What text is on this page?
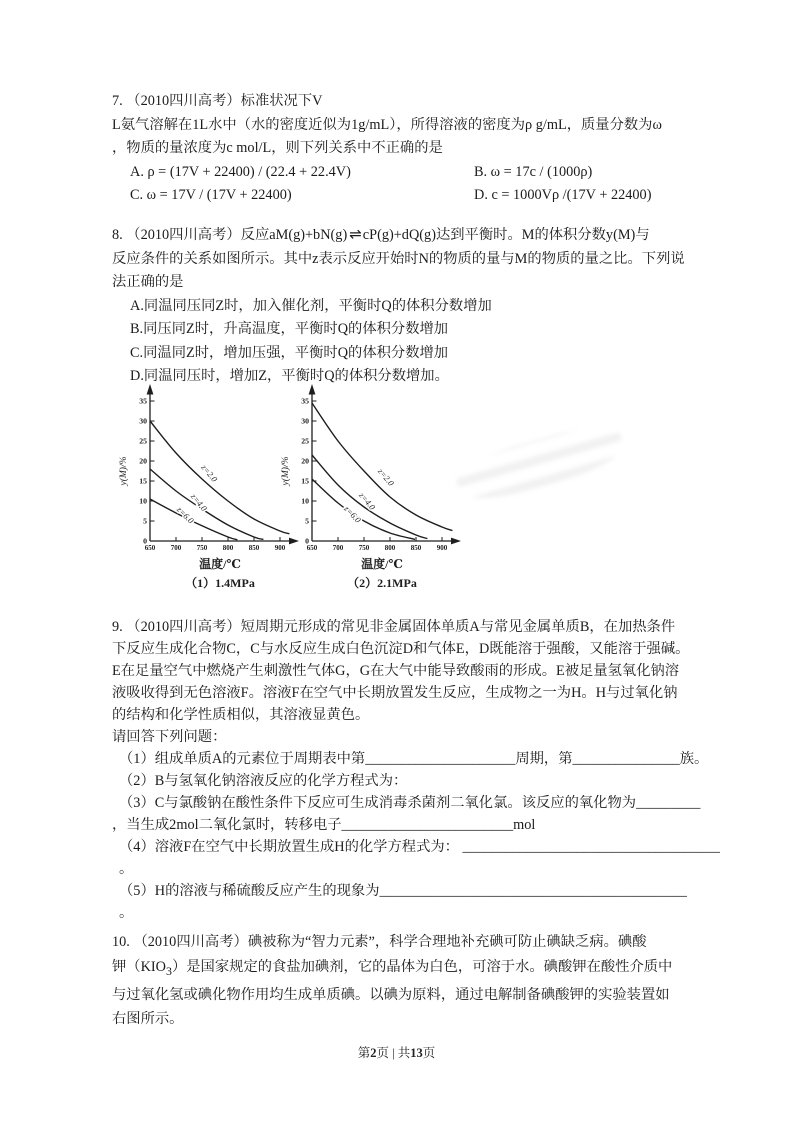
7. （2010四川高考）标准状况下V

L氨气溶解在1L水中（水的密度近似为1g/mL），所得溶液的密度为ρ g/mL，质量分数为ω

，物质的量浓度为c mol/L，则下列关系中不正确的是

A. ρ = (17V + 22400) / (22.4 + 22.4V)	B. ω = 17c / (1000ρ)
C. ω = 17V / (17V + 22400)	D. c = 1000Vρ /(17V + 22400)

8. （2010四川高考）反应aM(g)+bN(g) ⇌ cP(g)+dQ(g)达到平衡时。M的体积分数y(M)与

反应条件的关系如图所示。其中z表示反应开始时N的物质的量与M的物质的量之比。下列说

法正确的是

A.同温同压同Z时，加入催化剂，平衡时Q的体积分数增加

B.同压同Z时，升高温度，平衡时Q的体积分数增加

C.同温同Z时，增加压强，平衡时Q的体积分数增加

D.同温同压时，增加Z，平衡时Q的体积分数增加。

650 700 750 800 850 900
0
5
10
15
20
25
30
35
y(M)/%
温度/℃
（1）1.4MPa
z=2.0
z=4.0
z=6.0
650 700 750 800 850 900
0
5
10
15
20
25
30
35
y(M)/%
温度/℃
（2）2.1MPa
z=2.0
z=4.0
z=6.0

9. （2010四川高考）短周期元形成的常见非金属固体单质A与常见金属单质B，在加热条件

下反应生成化合物C，C与水反应生成白色沉淀D和气体E，D既能溶于强酸，又能溶于强碱。

E在足量空气中燃烧产生刺激性气体G，G在大气中能导致酸雨的形成。E被足量氢氧化钠溶

液吸收得到无色溶液F。溶液F在空气中长期放置发生反应，生成物之一为H。H与过氧化钠

的结构和化学性质相似，其溶液显黄色。

请回答下列问题：

（1）组成单质A的元素位于周期表中第_____________________周期，第_______________族。

（2）B与氢氧化钠溶液反应的化学方程式为：

（3）C与氯酸钠在酸性条件下反应可生成消毒杀菌剂二氧化氯。该反应的氧化物为_________

，当生成2mol二氧化氯时，转移电子________________________mol

（4）溶液F在空气中长期放置生成H的化学方程式为： ____________________________________

。

（5）H的溶液与稀硫酸反应产生的现象为___________________________________________

。

10. （2010四川高考）碘被称为“智力元素”，科学合理地补充碘可防止碘缺乏病。碘酸

钾$(KIO_3)$是国家规定的食盐加碘剂，它的晶体为白色，可溶于水。碘酸钾在酸性介质中

与过氧化氢或碘化物作用均生成单质碘。以碘为原料，通过电解制备碘酸钾的实验装置如

右图所示。

第2页 | 共13页
